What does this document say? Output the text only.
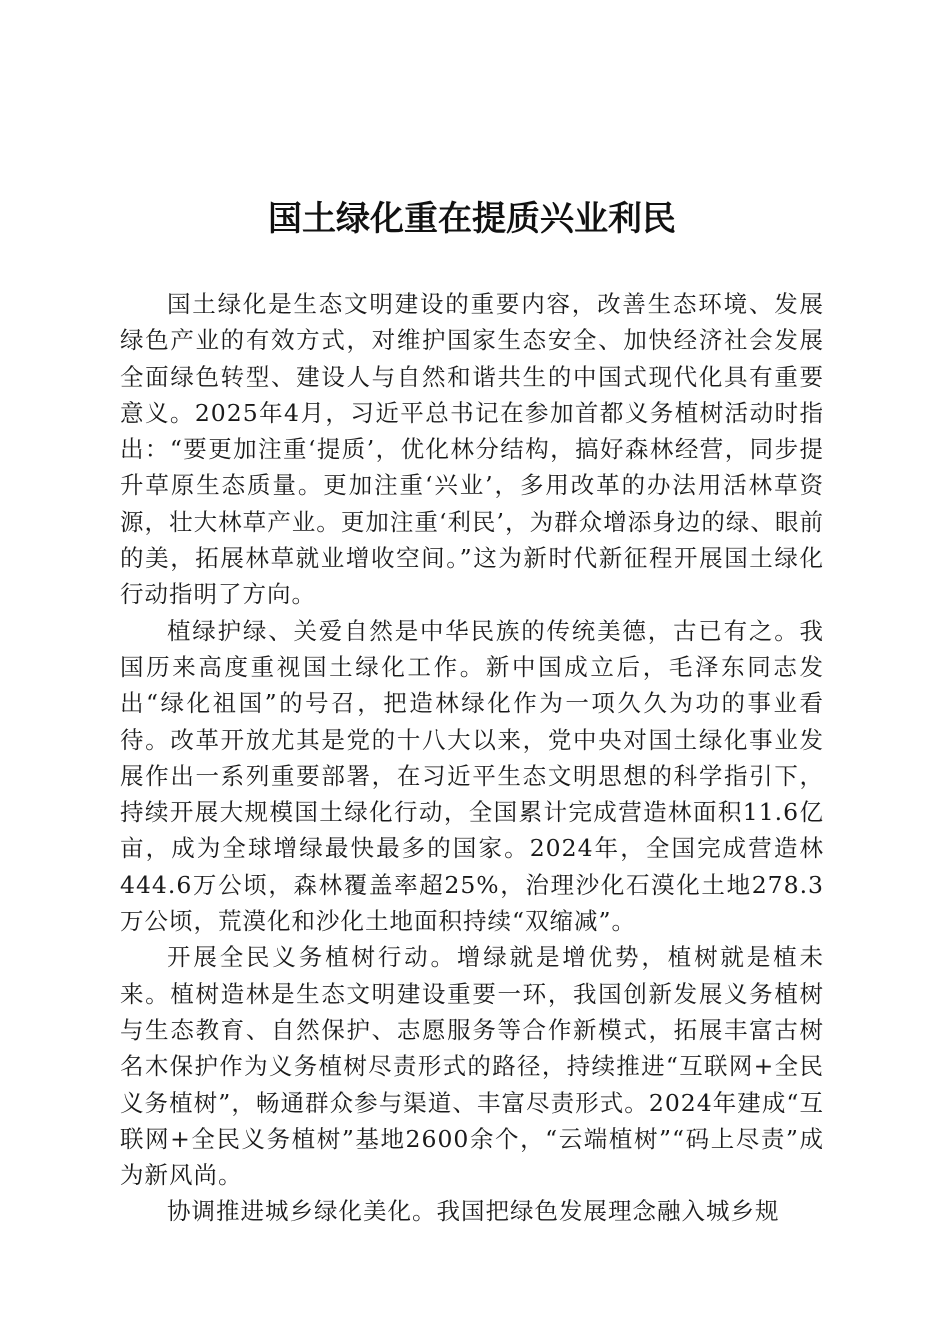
国土绿化重在提质兴业利民

国土绿化是生态文明建设的重要内容，改善生态环境、发展绿色产业的有效方式，对维护国家生态安全、加快经济社会发展全面绿色转型、建设人与自然和谐共生的中国式现代化具有重要意义。2025年4月，习近平总书记在参加首都义务植树活动时指出：“要更加注重‘提质’，优化林分结构，搞好森林经营，同步提升草原生态质量。更加注重‘兴业’，多用改革的办法用活林草资源，壮大林草产业。更加注重‘利民’，为群众增添身边的绿、眼前的美，拓展林草就业增收空间。”这为新时代新征程开展国土绿化行动指明了方向。

植绿护绿、关爱自然是中华民族的传统美德，古已有之。我国历来高度重视国土绿化工作。新中国成立后，毛泽东同志发出“绿化祖国”的号召，把造林绿化作为一项久久为功的事业看待。改革开放尤其是党的十八大以来，党中央对国土绿化事业发展作出一系列重要部署，在习近平生态文明思想的科学指引下，持续开展大规模国土绿化行动，全国累计完成营造林面积11.6亿亩，成为全球增绿最快最多的国家。2024年，全国完成营造林444.6万公顷，森林覆盖率超25%，治理沙化石漠化土地278.3万公顷，荒漠化和沙化土地面积持续“双缩减”。

开展全民义务植树行动。增绿就是增优势，植树就是植未来。植树造林是生态文明建设重要一环，我国创新发展义务植树与生态教育、自然保护、志愿服务等合作新模式，拓展丰富古树名木保护作为义务植树尽责形式的路径，持续推进“互联网+全民义务植树”，畅通群众参与渠道、丰富尽责形式。2024年建成“互联网+全民义务植树”基地2600余个，“云端植树”“码上尽责”成为新风尚。

协调推进城乡绿化美化。我国把绿色发展理念融入城乡规
